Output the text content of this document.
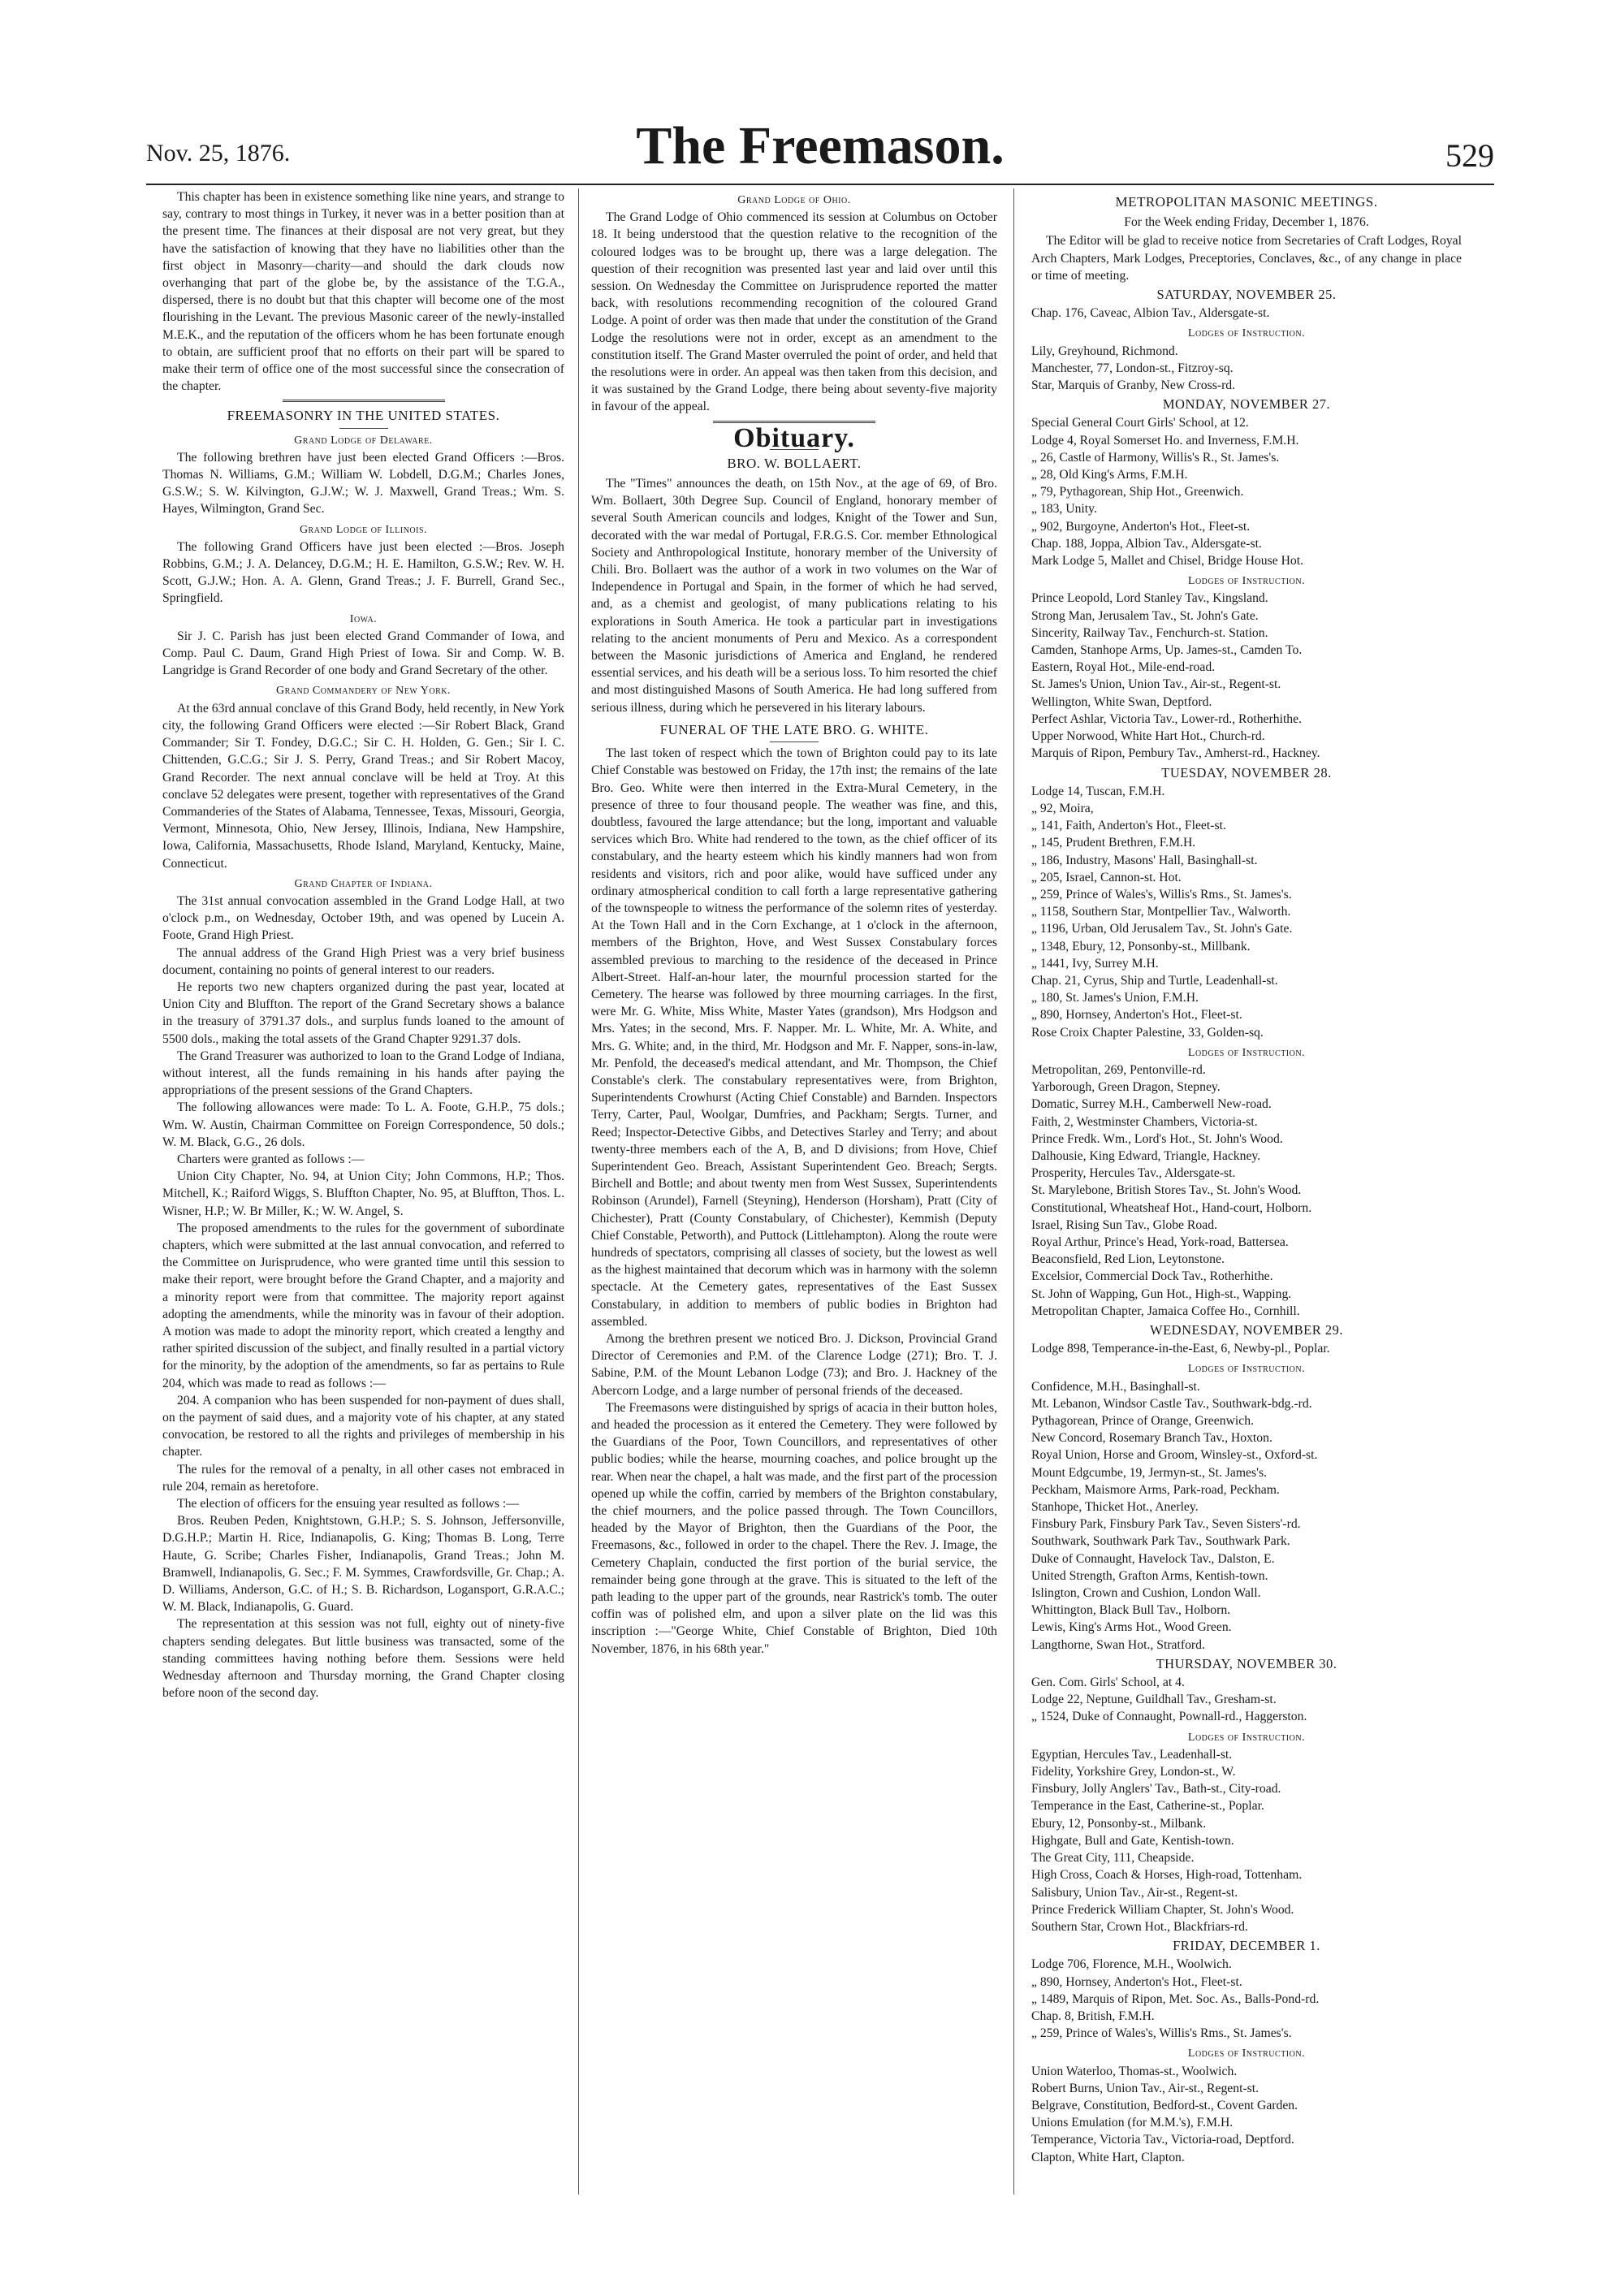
Nov. 25, 1876.	The Freemason.	529

This chapter has been in existence something like nine years, and strange to say, contrary to most things in Turkey, it never was in a better position than at the present time. The finances at their disposal are not very great, but they have the satisfaction of knowing that they have no liabilities other than the first object in Masonry—charity—and should the dark clouds now overhanging that part of the globe be, by the assistance of the T.G.A., dispersed, there is no doubt but that this chapter will become one of the most flourishing in the Levant. The previous Masonic career of the newly-installed M.E.K., and the reputation of the officers whom he has been fortunate enough to obtain, are sufficient proof that no efforts on their part will be spared to make their term of office one of the most successful since the consecration of the chapter.

FREEMASONRY IN THE UNITED STATES.
Grand Lodge of Delaware.

The following brethren have just been elected Grand Officers :—Bros. Thomas N. Williams, G.M.; William W. Lobdell, D.G.M.; Charles Jones, G.S.W.; S. W. Kilvington, G.J.W.; W. J. Maxwell, Grand Treas.; Wm. S. Hayes, Wilmington, Grand Sec.

Grand Lodge of Illinois.

The following Grand Officers have just been elected :—Bros. Joseph Robbins, G.M.; J. A. Delancey, D.G.M.; H. E. Hamilton, G.S.W.; Rev. W. H. Scott, G.J.W.; Hon. A. A. Glenn, Grand Treas.; J. F. Burrell, Grand Sec., Springfield.

Iowa.

Sir J. C. Parish has just been elected Grand Commander of Iowa, and Comp. Paul C. Daum, Grand High Priest of Iowa. Sir and Comp. W. B. Langridge is Grand Recorder of one body and Grand Secretary of the other.

Grand Commandery of New York.

At the 63rd annual conclave of this Grand Body, held recently, in New York city, the following Grand Officers were elected :—Sir Robert Black, Grand Commander; Sir T. Fondey, D.G.C.; Sir C. H. Holden, G. Gen.; Sir I. C. Chittenden, G.C.G.; Sir J. S. Perry, Grand Treas.; and Sir Robert Macoy, Grand Recorder. The next annual conclave will be held at Troy. At this conclave 52 delegates were present, together with representatives of the Grand Commanderies of the States of Alabama, Tennessee, Texas, Missouri, Georgia, Vermont, Minnesota, Ohio, New Jersey, Illinois, Indiana, New Hampshire, Iowa, California, Massachusetts, Rhode Island, Maryland, Kentucky, Maine, Connecticut.

Grand Chapter of Indiana.

The 31st annual convocation assembled in the Grand Lodge Hall, at two o'clock p.m., on Wednesday, October 19th, and was opened by Lucein A. Foote, Grand High Priest.

The annual address of the Grand High Priest was a very brief business document, containing no points of general interest to our readers.

He reports two new chapters organized during the past year, located at Union City and Bluffton. The report of the Grand Secretary shows a balance in the treasury of 3791.37 dols., and surplus funds loaned to the amount of 5500 dols., making the total assets of the Grand Chapter 9291.37 dols.

The Grand Treasurer was authorized to loan to the Grand Lodge of Indiana, without interest, all the funds remaining in his hands after paying the appropriations of the present sessions of the Grand Chapters.

The following allowances were made: To L. A. Foote, G.H.P., 75 dols.; Wm. W. Austin, Chairman Committee on Foreign Correspondence, 50 dols.; W. M. Black, G.G., 26 dols.

Charters were granted as follows :—

Union City Chapter, No. 94, at Union City; John Commons, H.P.; Thos. Mitchell, K.; Raiford Wiggs, S. Bluffton Chapter, No. 95, at Bluffton, Thos. L. Wisner, H.P.; W. Br Miller, K.; W. W. Angel, S.

The proposed amendments to the rules for the government of subordinate chapters, which were submitted at the last annual convocation, and referred to the Committee on Jurisprudence, who were granted time until this session to make their report, were brought before the Grand Chapter, and a majority and a minority report were from that committee. The majority report against adopting the amendments, while the minority was in favour of their adoption. A motion was made to adopt the minority report, which created a lengthy and rather spirited discussion of the subject, and finally resulted in a partial victory for the minority, by the adoption of the amendments, so far as pertains to Rule 204, which was made to read as follows :—

204. A companion who has been suspended for non-payment of dues shall, on the payment of said dues, and a majority vote of his chapter, at any stated convocation, be restored to all the rights and privileges of membership in his chapter.

The rules for the removal of a penalty, in all other cases not embraced in rule 204, remain as heretofore.

The election of officers for the ensuing year resulted as follows :—

Bros. Reuben Peden, Knightstown, G.H.P.; S. S. Johnson, Jeffersonville, D.G.H.P.; Martin H. Rice, Indianapolis, G. King; Thomas B. Long, Terre Haute, G. Scribe; Charles Fisher, Indianapolis, Grand Treas.; John M. Bramwell, Indianapolis, G. Sec.; F. M. Symmes, Crawfordsville, Gr. Chap.; A. D. Williams, Anderson, G.C. of H.; S. B. Richardson, Logansport, G.R.A.C.; W. M. Black, Indianapolis, G. Guard.

The representation at this session was not full, eighty out of ninety-five chapters sending delegates. But little business was transacted, some of the standing committees having nothing before them. Sessions were held Wednesday afternoon and Thursday morning, the Grand Chapter closing before noon of the second day.

Grand Lodge of Ohio.

The Grand Lodge of Ohio commenced its session at Columbus on October 18. It being understood that the question relative to the recognition of the coloured lodges was to be brought up, there was a large delegation. The question of their recognition was presented last year and laid over until this session. On Wednesday the Committee on Jurisprudence reported the matter back, with resolutions recommending recognition of the coloured Grand Lodge. A point of order was then made that under the constitution of the Grand Lodge the resolutions were not in order, except as an amendment to the constitution itself. The Grand Master overruled the point of order, and held that the resolutions were in order. An appeal was then taken from this decision, and it was sustained by the Grand Lodge, there being about seventy-five majority in favour of the appeal.

Obituary.
BRO. W. BOLLAERT.

The "Times" announces the death, on 15th Nov., at the age of 69, of Bro. Wm. Bollaert, 30th Degree Sup. Council of England, honorary member of several South American councils and lodges, Knight of the Tower and Sun, decorated with the war medal of Portugal, F.R.G.S. Cor. member Ethnological Society and Anthropological Institute, honorary member of the University of Chili. Bro. Bollaert was the author of a work in two volumes on the War of Independence in Portugal and Spain, in the former of which he had served, and, as a chemist and geologist, of many publications relating to his explorations in South America. He took a particular part in investigations relating to the ancient monuments of Peru and Mexico. As a correspondent between the Masonic jurisdictions of America and England, he rendered essential services, and his death will be a serious loss. To him resorted the chief and most distinguished Masons of South America. He had long suffered from serious illness, during which he persevered in his literary labours.

FUNERAL OF THE LATE BRO. G. WHITE.

The last token of respect which the town of Brighton could pay to its late Chief Constable was bestowed on Friday, the 17th inst; the remains of the late Bro. Geo. White were then interred in the Extra-Mural Cemetery, in the presence of three to four thousand people. The weather was fine, and this, doubtless, favoured the large attendance; but the long, important and valuable services which Bro. White had rendered to the town, as the chief officer of its constabulary, and the hearty esteem which his kindly manners had won from residents and visitors, rich and poor alike, would have sufficed under any ordinary atmospherical condition to call forth a large representative gathering of the townspeople to witness the performance of the solemn rites of yesterday. At the Town Hall and in the Corn Exchange, at 1 o'clock in the afternoon, members of the Brighton, Hove, and West Sussex Constabulary forces assembled previous to marching to the residence of the deceased in Prince Albert-Street. Half-an-hour later, the mournful procession started for the Cemetery. The hearse was followed by three mourning carriages. In the first, were Mr. G. White, Miss White, Master Yates (grandson), Mrs Hodgson and Mrs. Yates; in the second, Mrs. F. Napper. Mr. L. White, Mr. A. White, and Mrs. G. White; and, in the third, Mr. Hodgson and Mr. F. Napper, sons-in-law, Mr. Penfold, the deceased's medical attendant, and Mr. Thompson, the Chief Constable's clerk. The constabulary representatives were, from Brighton, Superintendents Crowhurst (Acting Chief Constable) and Barnden. Inspectors Terry, Carter, Paul, Woolgar, Dumfries, and Packham; Sergts. Turner, and Reed; Inspector-Detective Gibbs, and Detectives Starley and Terry; and about twenty-three members each of the A, B, and D divisions; from Hove, Chief Superintendent Geo. Breach, Assistant Superintendent Geo. Breach; Sergts. Birchell and Bottle; and about twenty men from West Sussex, Superintendents Robinson (Arundel), Farnell (Steyning), Henderson (Horsham), Pratt (City of Chichester), Pratt (County Constabulary, of Chichester), Kemmish (Deputy Chief Constable, Petworth), and Puttock (Littlehampton). Along the route were hundreds of spectators, comprising all classes of society, but the lowest as well as the highest maintained that decorum which was in harmony with the solemn spectacle. At the Cemetery gates, representatives of the East Sussex Constabulary, in addition to members of public bodies in Brighton had assembled.

Among the brethren present we noticed Bro. J. Dickson, Provincial Grand Director of Ceremonies and P.M. of the Clarence Lodge (271); Bro. T. J. Sabine, P.M. of the Mount Lebanon Lodge (73); and Bro. J. Hackney of the Abercorn Lodge, and a large number of personal friends of the deceased.

The Freemasons were distinguished by sprigs of acacia in their button holes, and headed the procession as it entered the Cemetery. They were followed by the Guardians of the Poor, Town Councillors, and representatives of other public bodies; while the hearse, mourning coaches, and police brought up the rear. When near the chapel, a halt was made, and the first part of the procession opened up while the coffin, carried by members of the Brighton constabulary, the chief mourners, and the police passed through. The Town Councillors, headed by the Mayor of Brighton, then the Guardians of the Poor, the Freemasons, &c., followed in order to the chapel. There the Rev. J. Image, the Cemetery Chaplain, conducted the first portion of the burial service, the remainder being gone through at the grave. This is situated to the left of the path leading to the upper part of the grounds, near Rastrick's tomb. The outer coffin was of polished elm, and upon a silver plate on the lid was this inscription :—"George White, Chief Constable of Brighton, Died 10th November, 1876, in his 68th year."

METROPOLITAN MASONIC MEETINGS.
For the Week ending Friday, December 1, 1876.

The Editor will be glad to receive notice from Secretaries of Craft Lodges, Royal Arch Chapters, Mark Lodges, Preceptories, Conclaves, &c., of any change in place or time of meeting.

SATURDAY, NOVEMBER 25.
Chap. 176, Caveac, Albion Tav., Aldersgate-st.
Lodges of Instruction.
Lily, Greyhound, Richmond.
Manchester, 77, London-st., Fitzroy-sq.
Star, Marquis of Granby, New Cross-rd.
MONDAY, NOVEMBER 27.
Special General Court Girls' School, at 12.
Lodge 4, Royal Somerset Ho. and Inverness, F.M.H.
„ 26, Castle of Harmony, Willis's R., St. James's.
„ 28, Old King's Arms, F.M.H.
„ 79, Pythagorean, Ship Hot., Greenwich.
„ 183, Unity.
„ 902, Burgoyne, Anderton's Hot., Fleet-st.
Chap. 188, Joppa, Albion Tav., Aldersgate-st.
Mark Lodge 5, Mallet and Chisel, Bridge House Hot.
Lodges of Instruction.
Prince Leopold, Lord Stanley Tav., Kingsland.
Strong Man, Jerusalem Tav., St. John's Gate.
Sincerity, Railway Tav., Fenchurch-st. Station.
Camden, Stanhope Arms, Up. James-st., Camden To.
Eastern, Royal Hot., Mile-end-road.
St. James's Union, Union Tav., Air-st., Regent-st.
Wellington, White Swan, Deptford.
Perfect Ashlar, Victoria Tav., Lower-rd., Rotherhithe.
Upper Norwood, White Hart Hot., Church-rd.
Marquis of Ripon, Pembury Tav., Amherst-rd., Hackney.
TUESDAY, NOVEMBER 28.
Lodge 14, Tuscan, F.M.H.
„ 92, Moira,
„ 141, Faith, Anderton's Hot., Fleet-st.
„ 145, Prudent Brethren, F.M.H.
„ 186, Industry, Masons' Hall, Basinghall-st.
„ 205, Israel, Cannon-st. Hot.
„ 259, Prince of Wales's, Willis's Rms., St. James's.
„ 1158, Southern Star, Montpellier Tav., Walworth.
„ 1196, Urban, Old Jerusalem Tav., St. John's Gate.
„ 1348, Ebury, 12, Ponsonby-st., Millbank.
„ 1441, Ivy, Surrey M.H.
Chap. 21, Cyrus, Ship and Turtle, Leadenhall-st.
„ 180, St. James's Union, F.M.H.
„ 890, Hornsey, Anderton's Hot., Fleet-st.
Rose Croix Chapter Palestine, 33, Golden-sq.
Lodges of Instruction.
Metropolitan, 269, Pentonville-rd.
Yarborough, Green Dragon, Stepney.
Domatic, Surrey M.H., Camberwell New-road.
Faith, 2, Westminster Chambers, Victoria-st.
Prince Fredk. Wm., Lord's Hot., St. John's Wood.
Dalhousie, King Edward, Triangle, Hackney.
Prosperity, Hercules Tav., Aldersgate-st.
St. Marylebone, British Stores Tav., St. John's Wood.
Constitutional, Wheatsheaf Hot., Hand-court, Holborn.
Israel, Rising Sun Tav., Globe Road.
Royal Arthur, Prince's Head, York-road, Battersea.
Beaconsfield, Red Lion, Leytonstone.
Excelsior, Commercial Dock Tav., Rotherhithe.
St. John of Wapping, Gun Hot., High-st., Wapping.
Metropolitan Chapter, Jamaica Coffee Ho., Cornhill.
WEDNESDAY, NOVEMBER 29.
Lodge 898, Temperance-in-the-East, 6, Newby-pl., Poplar.
Lodges of Instruction.
Confidence, M.H., Basinghall-st.
Mt. Lebanon, Windsor Castle Tav., Southwark-bdg.-rd.
Pythagorean, Prince of Orange, Greenwich.
New Concord, Rosemary Branch Tav., Hoxton.
Royal Union, Horse and Groom, Winsley-st., Oxford-st.
Mount Edgcumbe, 19, Jermyn-st., St. James's.
Peckham, Maismore Arms, Park-road, Peckham.
Stanhope, Thicket Hot., Anerley.
Finsbury Park, Finsbury Park Tav., Seven Sisters'-rd.
Southwark, Southwark Park Tav., Southwark Park.
Duke of Connaught, Havelock Tav., Dalston, E.
United Strength, Grafton Arms, Kentish-town.
Islington, Crown and Cushion, London Wall.
Whittington, Black Bull Tav., Holborn.
Lewis, King's Arms Hot., Wood Green.
Langthorne, Swan Hot., Stratford.
THURSDAY, NOVEMBER 30.
Gen. Com. Girls' School, at 4.
Lodge 22, Neptune, Guildhall Tav., Gresham-st.
„ 1524, Duke of Connaught, Pownall-rd., Haggerston.
Lodges of Instruction.
Egyptian, Hercules Tav., Leadenhall-st.
Fidelity, Yorkshire Grey, London-st., W.
Finsbury, Jolly Anglers' Tav., Bath-st., City-road.
Temperance in the East, Catherine-st., Poplar.
Ebury, 12, Ponsonby-st., Milbank.
Highgate, Bull and Gate, Kentish-town.
The Great City, 111, Cheapside.
High Cross, Coach & Horses, High-road, Tottenham.
Salisbury, Union Tav., Air-st., Regent-st.
Prince Frederick William Chapter, St. John's Wood.
Southern Star, Crown Hot., Blackfriars-rd.
FRIDAY, DECEMBER 1.
Lodge 706, Florence, M.H., Woolwich.
„ 890, Hornsey, Anderton's Hot., Fleet-st.
„ 1489, Marquis of Ripon, Met. Soc. As., Balls-Pond-rd.
Chap. 8, British, F.M.H.
„ 259, Prince of Wales's, Willis's Rms., St. James's.
Lodges of Instruction.
Union Waterloo, Thomas-st., Woolwich.
Robert Burns, Union Tav., Air-st., Regent-st.
Belgrave, Constitution, Bedford-st., Covent Garden.
Unions Emulation (for M.M.'s), F.M.H.
Temperance, Victoria Tav., Victoria-road, Deptford.
Clapton, White Hart, Clapton.
